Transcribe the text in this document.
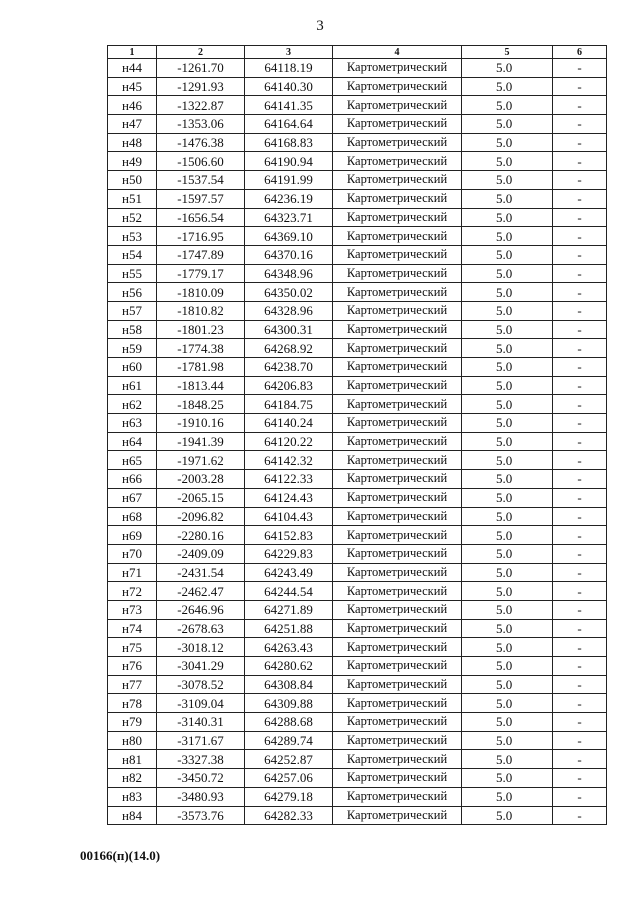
3
1	2	3	4	5	6
н44	-1261.70	64118.19	Картометрический	5.0	-
н45	-1291.93	64140.30	Картометрический	5.0	-
н46	-1322.87	64141.35	Картометрический	5.0	-
н47	-1353.06	64164.64	Картометрический	5.0	-
н48	-1476.38	64168.83	Картометрический	5.0	-
н49	-1506.60	64190.94	Картометрический	5.0	-
н50	-1537.54	64191.99	Картометрический	5.0	-
н51	-1597.57	64236.19	Картометрический	5.0	-
н52	-1656.54	64323.71	Картометрический	5.0	-
н53	-1716.95	64369.10	Картометрический	5.0	-
н54	-1747.89	64370.16	Картометрический	5.0	-
н55	-1779.17	64348.96	Картометрический	5.0	-
н56	-1810.09	64350.02	Картометрический	5.0	-
н57	-1810.82	64328.96	Картометрический	5.0	-
н58	-1801.23	64300.31	Картометрический	5.0	-
н59	-1774.38	64268.92	Картометрический	5.0	-
н60	-1781.98	64238.70	Картометрический	5.0	-
н61	-1813.44	64206.83	Картометрический	5.0	-
н62	-1848.25	64184.75	Картометрический	5.0	-
н63	-1910.16	64140.24	Картометрический	5.0	-
н64	-1941.39	64120.22	Картометрический	5.0	-
н65	-1971.62	64142.32	Картометрический	5.0	-
н66	-2003.28	64122.33	Картометрический	5.0	-
н67	-2065.15	64124.43	Картометрический	5.0	-
н68	-2096.82	64104.43	Картометрический	5.0	-
н69	-2280.16	64152.83	Картометрический	5.0	-
н70	-2409.09	64229.83	Картометрический	5.0	-
н71	-2431.54	64243.49	Картометрический	5.0	-
н72	-2462.47	64244.54	Картометрический	5.0	-
н73	-2646.96	64271.89	Картометрический	5.0	-
н74	-2678.63	64251.88	Картометрический	5.0	-
н75	-3018.12	64263.43	Картометрический	5.0	-
н76	-3041.29	64280.62	Картометрический	5.0	-
н77	-3078.52	64308.84	Картометрический	5.0	-
н78	-3109.04	64309.88	Картометрический	5.0	-
н79	-3140.31	64288.68	Картометрический	5.0	-
н80	-3171.67	64289.74	Картометрический	5.0	-
н81	-3327.38	64252.87	Картометрический	5.0	-
н82	-3450.72	64257.06	Картометрический	5.0	-
н83	-3480.93	64279.18	Картометрический	5.0	-
н84	-3573.76	64282.33	Картометрический	5.0	-
00166(п)(14.0)
